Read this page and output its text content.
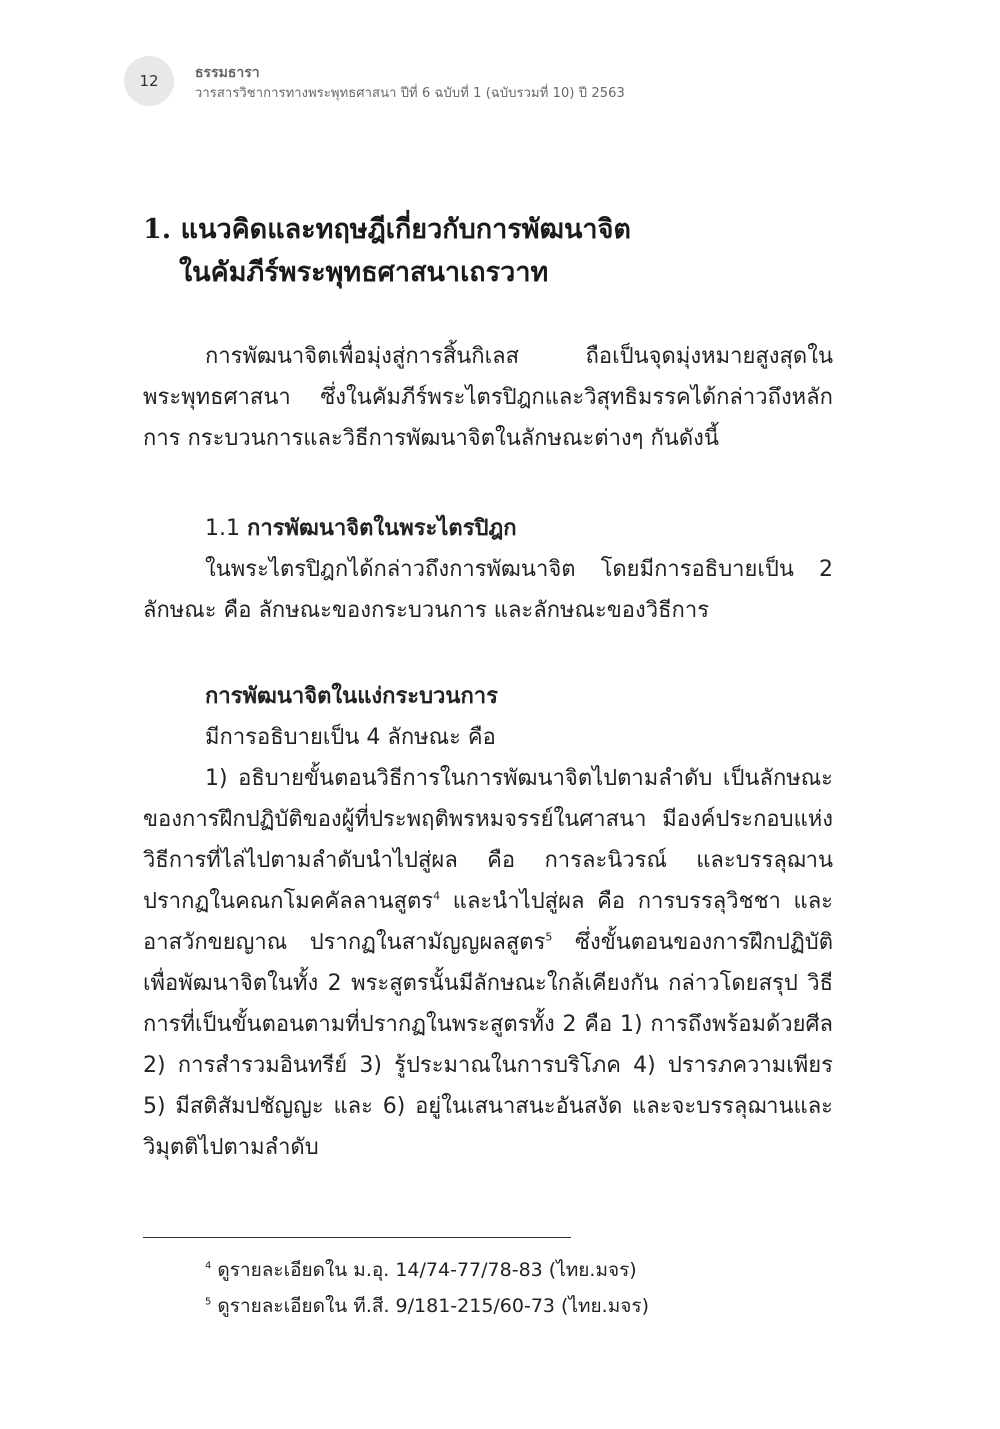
12	ธรรมธารา
วารสารวิชาการทางพระพุทธศาสนา ปีที่ 6 ฉบับที่ 1 (ฉบับรวมที่ 10) ปี 2563
1. แนวคิดและทฤษฎีเกี่ยวกับการพัฒนาจิต
ในคัมภีร์พระพุทธศาสนาเถรวาท
การพัฒนาจิตเพื่อมุ่งสู่การสิ้นกิเลส ถือเป็นจุดมุ่งหมายสูงสุดในพระพุทธศาสนา ซึ่งในคัมภีร์พระไตรปิฎกและวิสุทธิมรรคได้กล่าวถึงหลักการ กระบวนการและวิธีการพัฒนาจิตในลักษณะต่างๆ กันดังนี้
1.1 การพัฒนาจิตในพระไตรปิฎก
ในพระไตรปิฎกได้กล่าวถึงการพัฒนาจิต โดยมีการอธิบายเป็น 2 ลักษณะ คือ ลักษณะของกระบวนการ และลักษณะของวิธีการ
การพัฒนาจิตในแง่กระบวนการ
มีการอธิบายเป็น 4 ลักษณะ คือ
1) อธิบายขั้นตอนวิธีการในการพัฒนาจิตไปตามลำดับ เป็นลักษณะของการฝึกปฏิบัติของผู้ที่ประพฤติพรหมจรรย์ในศาสนา มีองค์ประกอบแห่งวิธีการที่ไล่ไปตามลำดับนำไปสู่ผล คือ การละนิวรณ์ และบรรลุฌาน ปรากฏในคณกโมคคัลลานสูตร$^4$ และนำไปสู่ผล คือ การบรรลุวิชชา และอาสวักขยญาณ ปรากฏในสามัญญผลสูตร$^5$ ซึ่งขั้นตอนของการฝึกปฏิบัติเพื่อพัฒนาจิตในทั้ง 2 พระสูตรนั้นมีลักษณะใกล้เคียงกัน กล่าวโดยสรุป วิธีการที่เป็นขั้นตอนตามที่ปรากฏในพระสูตรทั้ง 2 คือ 1) การถึงพร้อมด้วยศีล 2) การสำรวมอินทรีย์ 3) รู้ประมาณในการบริโภค 4) ปรารภความเพียร 5) มีสติสัมปชัญญะ และ 6) อยู่ในเสนาสนะอันสงัด และจะบรรลุฌานและวิมุตติไปตามลำดับ
$^4$ ดูรายละเอียดใน ม.อุ. 14/74-77/78-83 (ไทย.มจร)
$^5$ ดูรายละเอียดใน ที.สี. 9/181-215/60-73 (ไทย.มจร)
